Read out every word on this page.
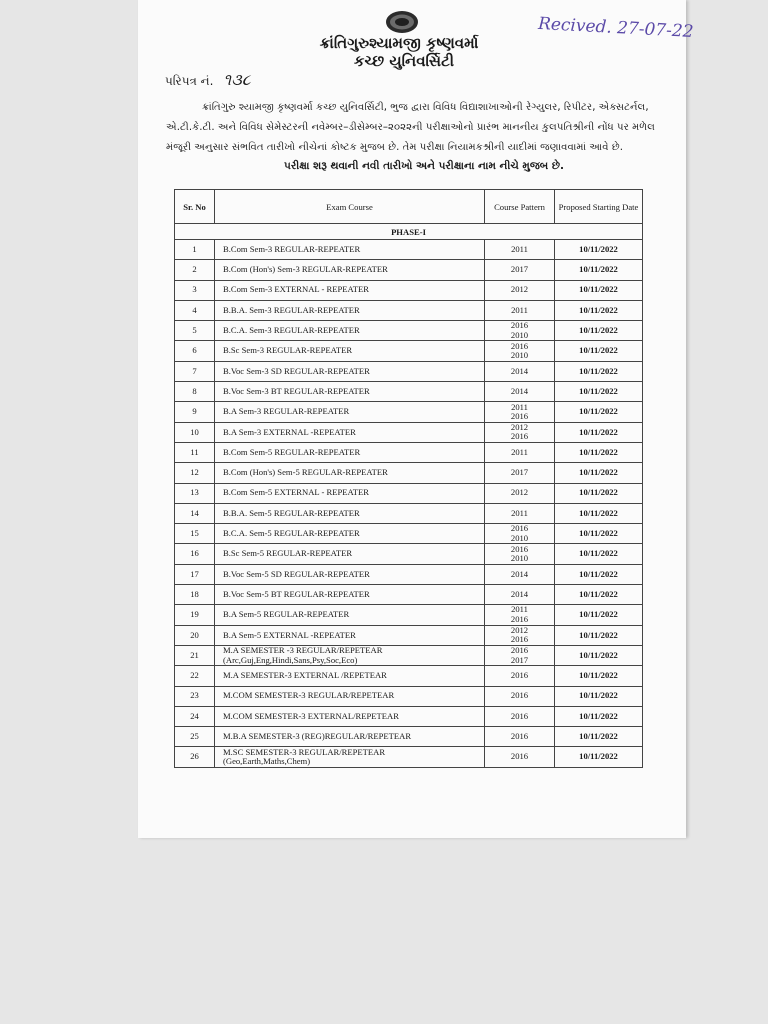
ક્રાંતિગુરુશ્યામજી કૃષ્ણવર્મા
કચ્છ યુનિવર્સિટી
Recived. 27-07-22
પરિપત્ર નં. ૧૩૮
ક્રાંતિગુરુ શ્યામજી કૃષ્ણવર્મા કચ્છ યુનિવર્સિટી, ભુજ દ્વારા વિવિધ વિદ્યાશાખાઓની રેગ્યુલર, રિપીટર, એક્સટર્નલ, એ.ટી.કે.ટી. અને વિવિધ સેમેસ્ટરની નવેમ્બર–ડીસેમ્બર–૨૦૨૨ની પરીક્ષાઓનો પ્રારંભ માનનીય કુલપતિશ્રીની નોંધ પર મળેલ મંજૂરી અનુસાર સંભવિત તારીખો નીચેનાં કોષ્ટક મુજબ છે. તેમ પરીક્ષા નિયામકશ્રીની યાદીમાં જણાવવામાં આવે છે.
પરીક્ષા શરૂ થવાની નવી તારીખો અને પરીક્ષાના નામ નીચે મુજબ છે.
Sr. No	Exam Course	Course Pattern	Proposed Starting Date
PHASE-I			
1	B.Com Sem-3 REGULAR-REPEATER	2011	10/11/2022
2	B.Com (Hon's) Sem-3 REGULAR-REPEATER	2017	10/11/2022
3	B.Com Sem-3 EXTERNAL - REPEATER	2012	10/11/2022
4	B.B.A. Sem-3 REGULAR-REPEATER	2011	10/11/2022
5	B.C.A. Sem-3 REGULAR-REPEATER	2016
2010	10/11/2022
6	B.Sc Sem-3 REGULAR-REPEATER	2016
2010	10/11/2022
7	B.Voc Sem-3 SD REGULAR-REPEATER	2014	10/11/2022
8	B.Voc Sem-3 BT REGULAR-REPEATER	2014	10/11/2022
9	B.A Sem-3 REGULAR-REPEATER	2011
2016	10/11/2022
10	B.A Sem-3 EXTERNAL -REPEATER	2012
2016	10/11/2022
11	B.Com Sem-5 REGULAR-REPEATER	2011	10/11/2022
12	B.Com (Hon's) Sem-5 REGULAR-REPEATER	2017	10/11/2022
13	B.Com Sem-5 EXTERNAL - REPEATER	2012	10/11/2022
14	B.B.A. Sem-5 REGULAR-REPEATER	2011	10/11/2022
15	B.C.A. Sem-5 REGULAR-REPEATER	2016
2010	10/11/2022
16	B.Sc Sem-5 REGULAR-REPEATER	2016
2010	10/11/2022
17	B.Voc Sem-5 SD REGULAR-REPEATER	2014	10/11/2022
18	B.Voc Sem-5 BT REGULAR-REPEATER	2014	10/11/2022
19	B.A Sem-5 REGULAR-REPEATER	2011
2016	10/11/2022
20	B.A Sem-5 EXTERNAL -REPEATER	2012
2016	10/11/2022
21	M.A SEMESTER -3 REGULAR/REPETEAR
(Arc,Guj,Eng,Hindi,Sans,Psy,Soc,Eco)	2016
2017	10/11/2022
22	M.A SEMESTER-3 EXTERNAL /REPETEAR	2016	10/11/2022
23	M.COM SEMESTER-3 REGULAR/REPETEAR	2016	10/11/2022
24	M.COM SEMESTER-3 EXTERNAL/REPETEAR	2016	10/11/2022
25	M.B.A SEMESTER-3 (REG)REGULAR/REPETEAR	2016	10/11/2022
26	M.SC SEMESTER-3 REGULAR/REPETEAR
(Geo,Earth,Maths,Chem)	2016	10/11/2022
